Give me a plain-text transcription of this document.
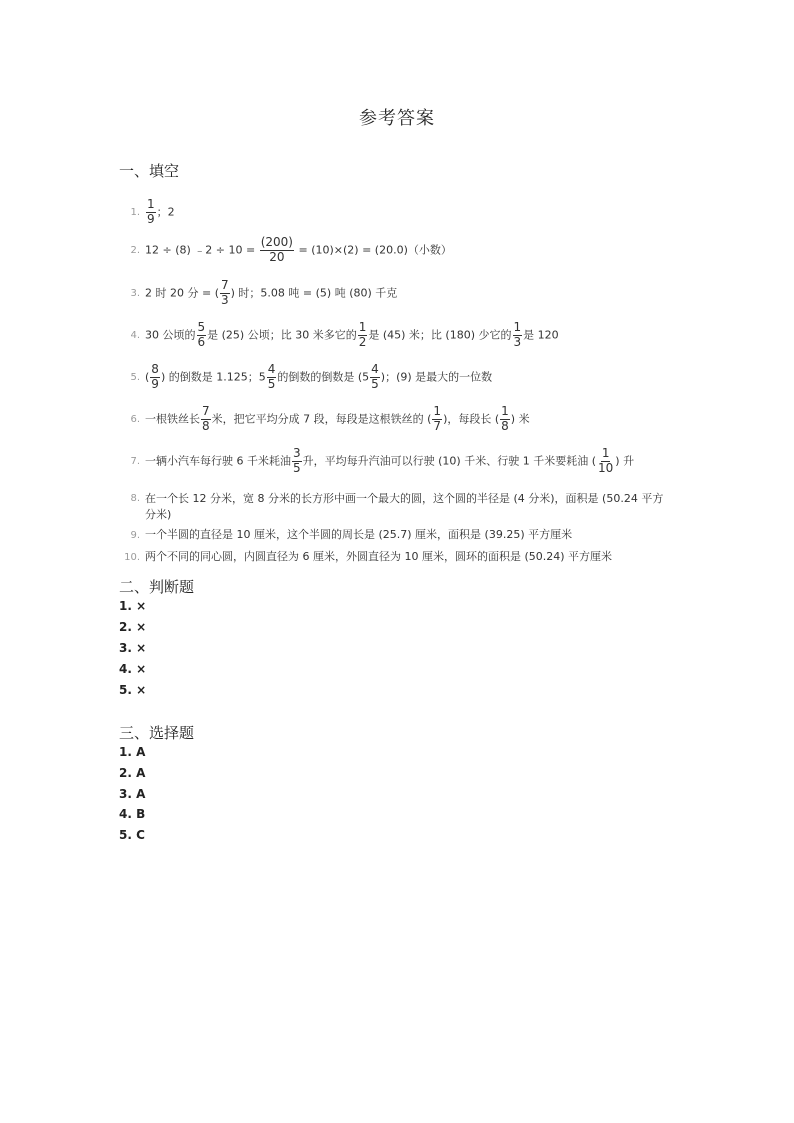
参考答案
一、填空
1. $\frac{1}{9}$ ；2
2. 12 ÷ (8) ﹣2 ÷ $10 = \frac{(200)}{20} = (10)\times(2) = (20.0)$（小数）
3. 2 时 20 分 = ( $\frac{7}{3}$ ) 时；5.08 吨 = (5) 吨 (80) 千克
4. 30 公顷的 $\frac{5}{6}$ 是 (25) 公顷；比 30 米多它的 $\frac{1}{2}$ 是 (45) 米；比 (180) 少它的 $\frac{1}{3}$ 是 120
5. ( $\frac{8}{9}$ ) 的倒数是 1.125；$5 \frac{4}{5}$ 的倒数的倒数是 ($5 \frac{4}{5}$ )；(9) 是最大的一位数
6. 一根铁丝长 $\frac{7}{8}$ 米，把它平均分成 7 段，每段是这根铁丝的 ( $\frac{1}{7}$ )，每段长 ( $\frac{1}{8}$ ) 米
7. 一辆小汽车每行驶 6 千米耗油 $\frac{3}{5}$ 升，平均每升汽油可以行驶 (10) 千米、行驶 1 千米要耗油 ( $\frac{1}{10}$ ) 升
8. 在一个长 12 分米，宽 8 分米的长方形中画一个最大的圆，这个圆的半径是 (4 分米)，面积是 (50.24 平方分米)
9. 一个半圆的直径是 10 厘米，这个半圆的周长是 (25.7) 厘米，面积是 (39.25) 平方厘米
10. 两个不同的同心圆，内圆直径为 6 厘米，外圆直径为 10 厘米，圆环的面积是 (50.24) 平方厘米
二、判断题
1. ×
2. ×
3. ×
4. ×
5. ×
三、选择题
1. A
2. A
3. A
4. B
5. C
